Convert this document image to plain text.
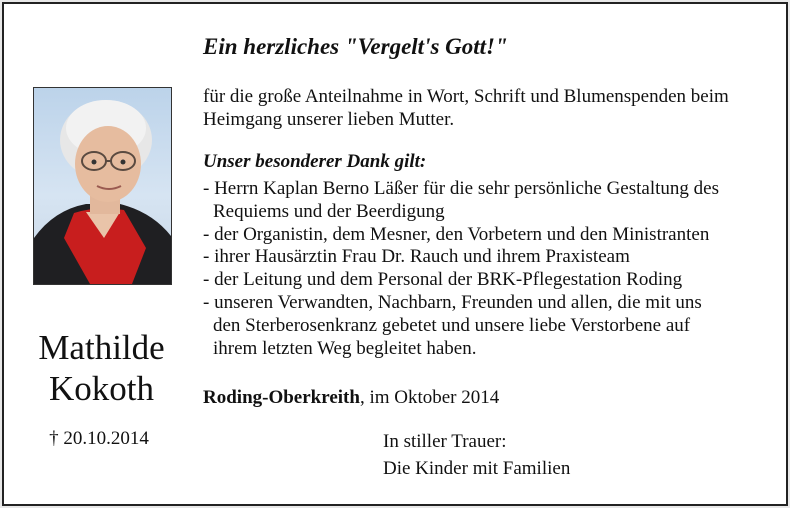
Mathilde
Kokoth
† 20.10.2014
Ein herzliches "Vergelt's Gott!"
für die große Anteilnahme in Wort, Schrift und Blumenspenden beim Heimgang unserer lieben Mutter.
Unser besonderer Dank gilt:
- Herrn Kaplan Berno Läßer für die sehr persönliche Gestaltung des
Requiems und der Beerdigung
- der Organistin, dem Mesner, den Vorbetern und den Ministranten
- ihrer Hausärztin Frau Dr. Rauch und ihrem Praxisteam
- der Leitung und dem Personal der BRK-Pflegestation Roding
- unseren Verwandten, Nachbarn, Freunden und allen, die mit uns
den Sterberosenkranz gebetet und unsere liebe Verstorbene auf
ihrem letzten Weg begleitet haben.
Roding-Oberkreith, im Oktober 2014
In stiller Trauer:
Die Kinder mit Familien
